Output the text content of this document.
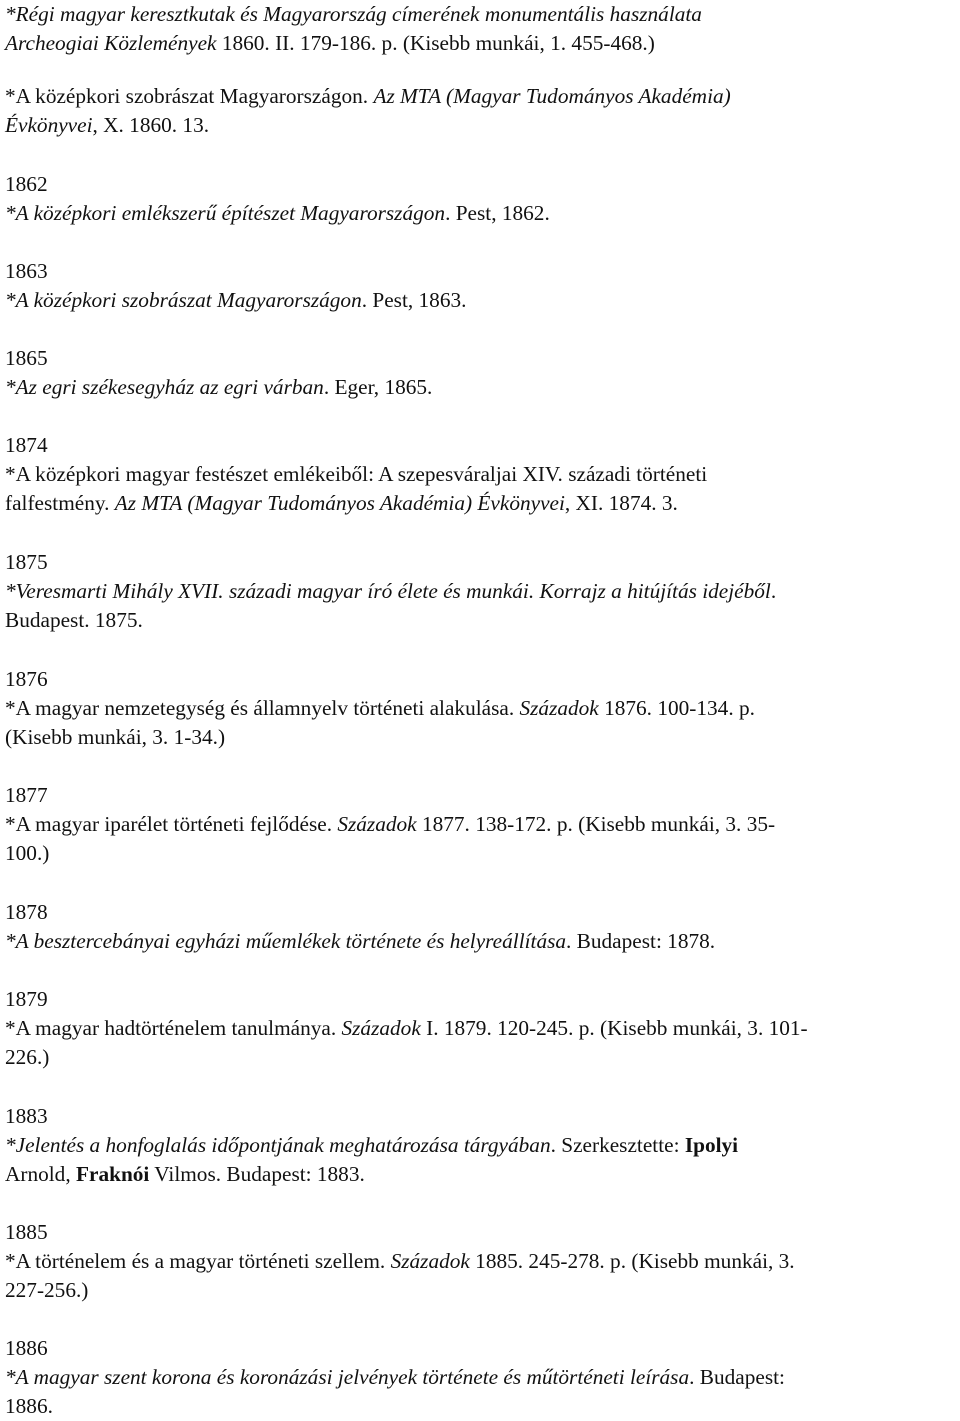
*Régi magyar keresztkutak és Magyarország címerének monumentális használata
Archeogiai Közlemények 1860. II. 179-186. p. (Kisebb munkái, 1. 455-468.)
*A középkori szobrászat Magyarországon. Az MTA (Magyar Tudományos Akadémia)
Évkönyvei, X. 1860. 13.
1862
*A középkori emlékszerű építészet Magyarországon. Pest, 1862.
1863
*A középkori szobrászat Magyarországon. Pest, 1863.
1865
*Az egri székesegyház az egri várban. Eger, 1865.
1874
*A középkori magyar festészet emlékeiből: A szepesváraljai XIV. századi történeti
falfestmény. Az MTA (Magyar Tudományos Akadémia) Évkönyvei, XI. 1874. 3.
1875
*Veresmarti Mihály XVII. századi magyar író élete és munkái. Korrajz a hitújítás idejéből.
Budapest. 1875.
1876
*A magyar nemzetegység és államnyelv történeti alakulása. Századok 1876. 100-134. p.
(Kisebb munkái, 3. 1-34.)
1877
*A magyar iparélet történeti fejlődése. Századok 1877. 138-172. p. (Kisebb munkái, 3. 35-
100.)
1878
*A besztercebányai egyházi műemlékek története és helyreállítása. Budapest: 1878.
1879
*A magyar hadtörténelem tanulmánya. Századok I. 1879. 120-245. p. (Kisebb munkái, 3. 101-
226.)
1883
*Jelentés a honfoglalás időpontjának meghatározása tárgyában. Szerkesztette: Ipolyi
Arnold, Fraknói Vilmos. Budapest: 1883.
1885
*A történelem és a magyar történeti szellem. Századok 1885. 245-278. p. (Kisebb munkái, 3.
227-256.)
1886
*A magyar szent korona és koronázási jelvények története és műtörténeti leírása. Budapest:
1886.
